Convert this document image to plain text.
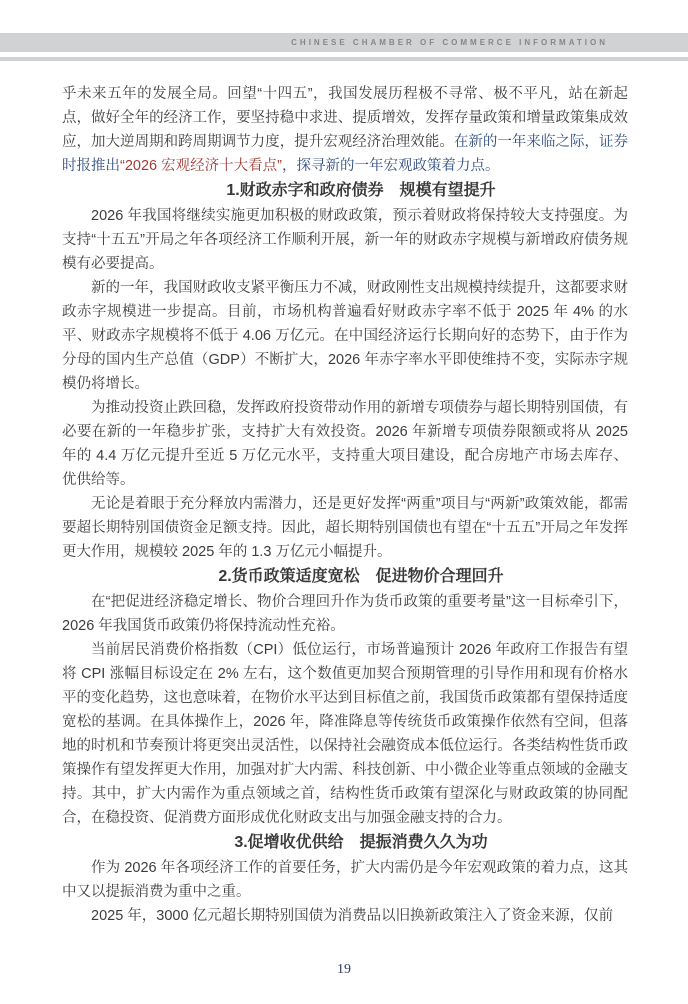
CHINESE CHAMBER OF COMMERCE INFORMATION

乎未来五年的发展全局。回望“十四五”，我国发展历程极不寻常、极不平凡，站在新起点，做好全年的经济工作，要坚持稳中求进、提质增效，发挥存量政策和增量政策集成效应，加大逆周期和跨周期调节力度，提升宏观经济治理效能。在新的一年来临之际，证券时报推出“2026 宏观经济十大看点”，探寻新的一年宏观政策着力点。

1.财政赤字和政府债券　规模有望提升

2026 年我国将继续实施更加积极的财政政策，预示着财政将保持较大支持强度。为支持“十五五”开局之年各项经济工作顺利开展，新一年的财政赤字规模与新增政府债务规模有必要提高。

新的一年，我国财政收支紧平衡压力不减，财政刚性支出规模持续提升，这都要求财政赤字规模进一步提高。目前，市场机构普遍看好财政赤字率不低于 2025 年 4% 的水平、财政赤字规模将不低于 4.06 万亿元。在中国经济运行长期向好的态势下，由于作为分母的国内生产总值（GDP）不断扩大，2026 年赤字率水平即使维持不变，实际赤字规模仍将增长。

为推动投资止跌回稳，发挥政府投资带动作用的新增专项债券与超长期特别国债，有必要在新的一年稳步扩张，支持扩大有效投资。2026 年新增专项债券限额或将从 2025 年的 4.4 万亿元提升至近 5 万亿元水平，支持重大项目建设，配合房地产市场去库存、优供给等。

无论是着眼于充分释放内需潜力，还是更好发挥“两重”项目与“两新”政策效能，都需要超长期特别国债资金足额支持。因此，超长期特别国债也有望在“十五五”开局之年发挥更大作用，规模较 2025 年的 1.3 万亿元小幅提升。

2.货币政策适度宽松　促进物价合理回升

在“把促进经济稳定增长、物价合理回升作为货币政策的重要考量”这一目标牵引下，2026 年我国货币政策仍将保持流动性充裕。

当前居民消费价格指数（CPI）低位运行，市场普遍预计 2026 年政府工作报告有望将 CPI 涨幅目标设定在 2% 左右，这个数值更加契合预期管理的引导作用和现有价格水平的变化趋势，这也意味着，在物价水平达到目标值之前，我国货币政策都有望保持适度宽松的基调。在具体操作上，2026 年，降准降息等传统货币政策操作依然有空间，但落地的时机和节奏预计将更突出灵活性，以保持社会融资成本低位运行。各类结构性货币政策操作有望发挥更大作用，加强对扩大内需、科技创新、中小微企业等重点领域的金融支持。其中，扩大内需作为重点领域之首，结构性货币政策有望深化与财政政策的协同配合，在稳投资、促消费方面形成优化财政支出与加强金融支持的合力。

3.促增收优供给　提振消费久久为功

作为 2026 年各项经济工作的首要任务，扩大内需仍是今年宏观政策的着力点，这其中又以提振消费为重中之重。

2025 年，3000 亿元超长期特别国债为消费品以旧换新政策注入了资金来源，仅前

19
